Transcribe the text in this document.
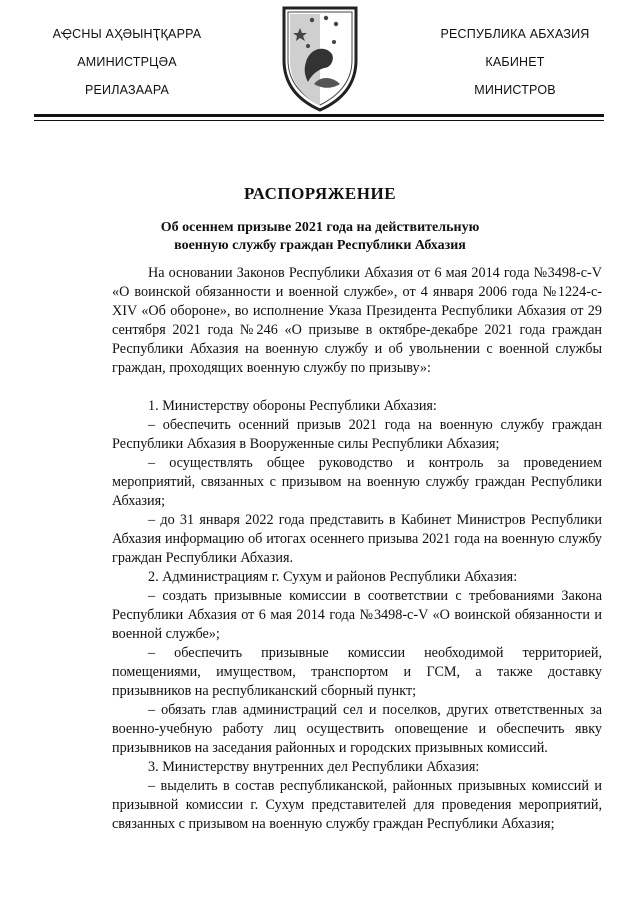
АҾСНЫ АҲӘЫНҬҚАРРА
АМИНИСТРЦӘА
РЕИЛАЗААРА
РЕСПУБЛИКА АБХАЗИЯ
КАБИНЕТ
МИНИСТРОВ
РАСПОРЯЖЕНИЕ
Об осеннем призыве 2021 года на действительную
военную службу граждан Республики Абхазия

На основании Законов Республики Абхазия от 6 мая 2014 года №3498-с-V «О воинской обязанности и военной службе», от 4 января 2006 года №1224-с-XIV «Об обороне», во исполнение Указа Президента Республики Абхазия от 29 сентября 2021 года №246 «О призыве в октябре-декабре 2021 года граждан Республики Абхазия на военную службу и об увольнении с военной службы граждан, проходящих военную службу по призыву»:

1. Министерству обороны Республики Абхазия:

– обеспечить осенний призыв 2021 года на военную службу граждан Республики Абхазия в Вооруженные силы Республики Абхазия;

– осуществлять общее руководство и контроль за проведением мероприятий, связанных с призывом на военную службу граждан Республики Абхазия;

– до 31 января 2022 года представить в Кабинет Министров Республики Абхазия информацию об итогах осеннего призыва 2021 года на военную службу граждан Республики Абхазия.

2. Администрациям г. Сухум и районов Республики Абхазия:

– создать призывные комиссии в соответствии с требованиями Закона Республики Абхазия от 6 мая 2014 года №3498-с-V «О воинской обязанности и военной службе»;

– обеспечить призывные комиссии необходимой территорией, помещениями, имуществом, транспортом и ГСМ, а также доставку призывников на республиканский сборный пункт;

– обязать глав администраций сел и поселков, других ответственных за военно-учебную работу лиц осуществить оповещение и обеспечить явку призывников на заседания районных и городских призывных комиссий.

3. Министерству внутренних дел Республики Абхазия:

– выделить в состав республиканской, районных призывных комиссий и призывной комиссии г. Сухум представителей для проведения мероприятий, связанных с призывом на военную службу граждан Республики Абхазия;
